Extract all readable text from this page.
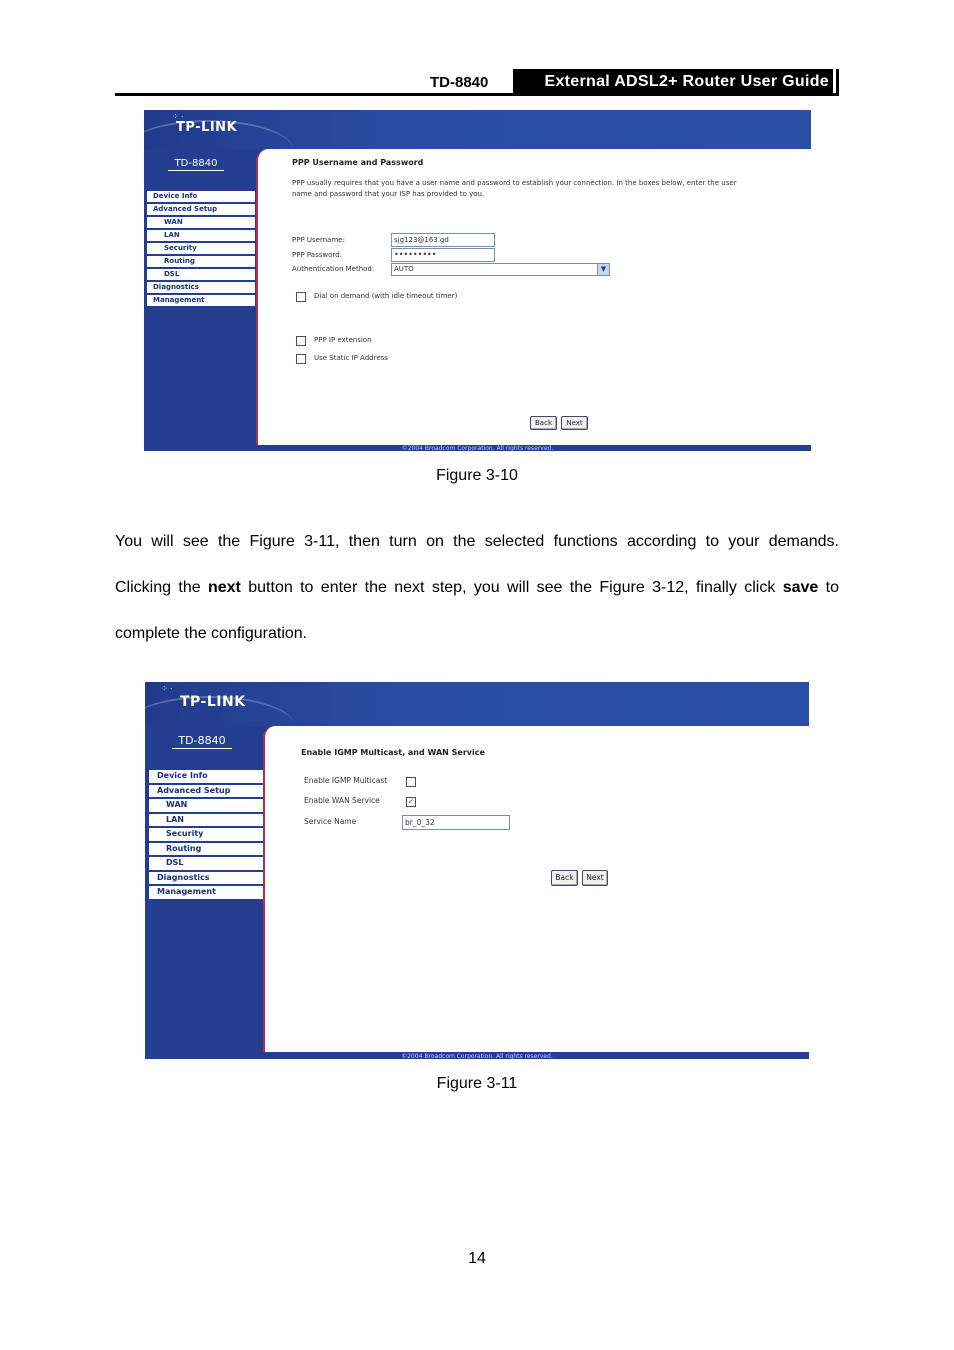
TD-8840	External ADSL2+ Router User Guide
⁘ ·
TP-LINK
TD-8840
Device Info
Advanced Setup
WAN
LAN
Security
Routing
DSL
Diagnostics
Management
PPP Username and Password
PPP usually requires that you have a user name and password to establish your connection. In the boxes below, enter the user
name and password that your ISP has provided to you.
PPP Username:	sjg123@163.gd
PPP Password:	•••••••••
Authentication Method:	AUTO	▼
Dial on demand (with idle timeout timer)
PPP IP extension
Use Static IP Address
Back	Next
©2004 Broadcom Corporation. All rights reserved.
Figure 3-10
You will see the Figure 3-11, then turn on the selected functions according to your demands.
Clicking the next button to enter the next step, you will see the Figure 3-12, finally click save to
complete the configuration.
⁘ ·
TP-LINK
TD-8840
Device Info
Advanced Setup
WAN
LAN
Security
Routing
DSL
Diagnostics
Management
Enable IGMP Multicast, and WAN Service
Enable IGMP Multicast
Enable WAN Service	✓
Service Name	br_0_32
Back	Next
©2004 Broadcom Corporation. All rights reserved.
Figure 3-11
14
